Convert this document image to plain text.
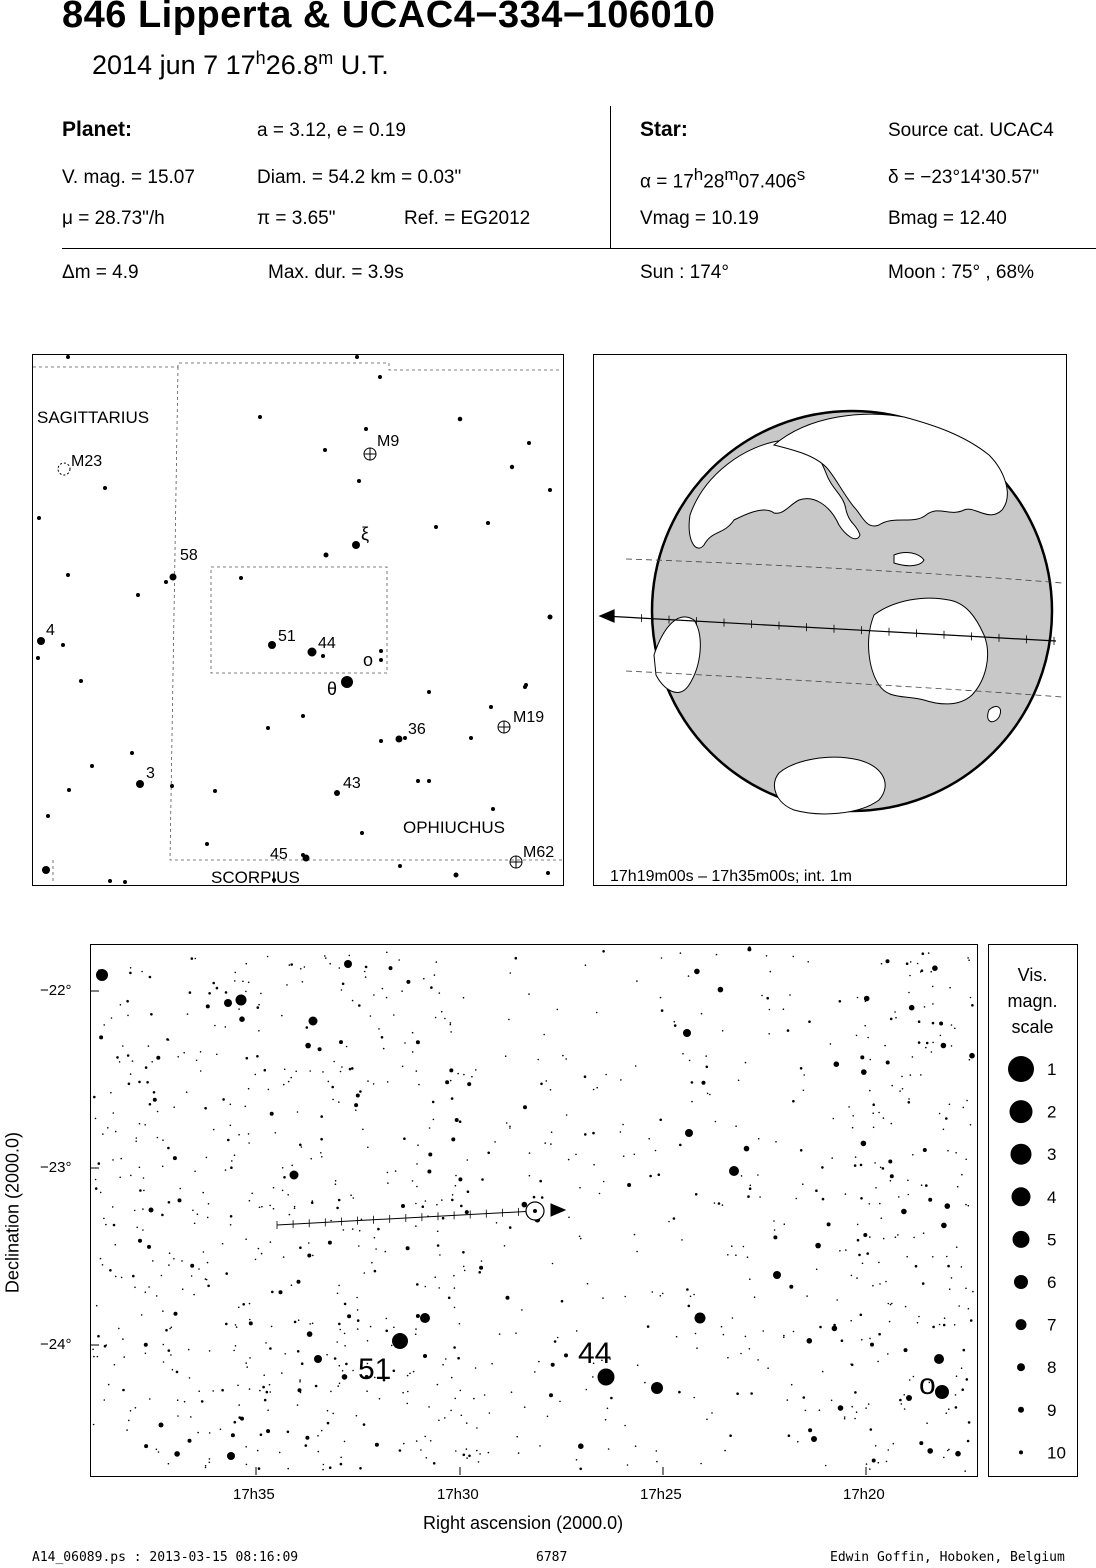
846 Lipperta & UCAC4−334−106010
2014 jun 7 17$^h$26.8$^m$ U.T.
Planet:	a = 3.12, e = 0.19
V. mag. = 15.07	Diam. = 54.2 km = 0.03"
μ = 28.73"/h	π = 3.65"	Ref. = EG2012
Star:	Source cat. UCAC4
α = 17h28m07.406s	δ = −23°14'30.57"
Vmag = 10.19	Bmag = 12.40
Δm = 4.9	Max. dur. = 3.9s	Sun : 174°	Moon : 75° , 68%
SAGITTARIUS
OPHIUCHUS
SCORPIUS
M23
M9
ξ
58
4	51 44
ο
θ
36
M19
3
43
45	M62
17h19m00s – 17h35m00s; int. 1m
51	44
o
−22°
−23°
−24°
17h35	17h30	17h25	17h20
Right ascension (2000.0)
Declination (2000.0)
Vis.
magn.
scale
1
2
3
4
5
6
7
8
9
10
A14_06089.ps : 2013-03-15 08:16:09	6787	Edwin Goffin, Hoboken, Belgium
